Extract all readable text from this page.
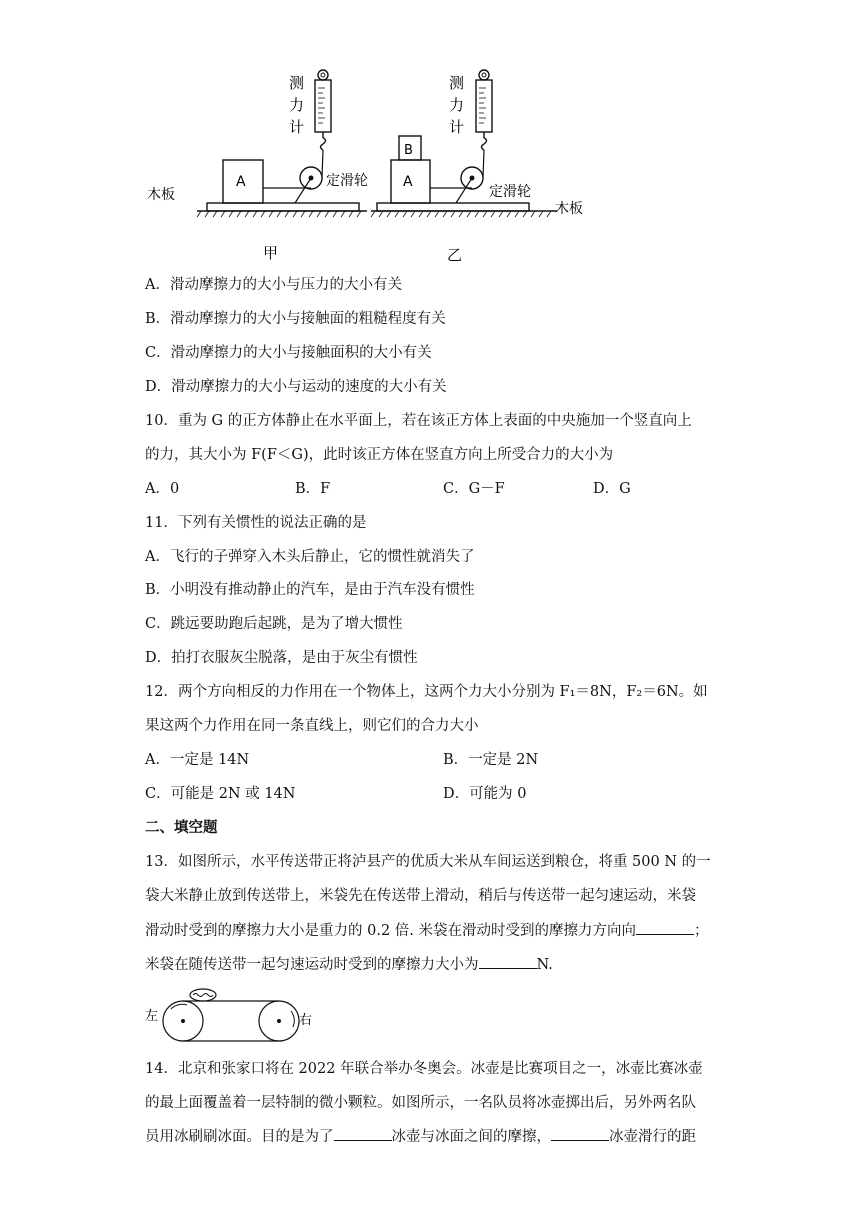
测
力
计
A	定滑轮
木板
甲
测
力
计
B
A
定滑轮
木板
乙
A．滑动摩擦力的大小与压力的大小有关
B．滑动摩擦力的大小与接触面的粗糙程度有关
C．滑动摩擦力的大小与接触面积的大小有关
D．滑动摩擦力的大小与运动的速度的大小有关
10．重为 G 的正方体静止在水平面上，若在该正方体上表面的中央施加一个竖直向上
的力，其大小为 F(F＜G)，此时该正方体在竖直方向上所受合力的大小为
A．0	B．F	C．G－F	D．G
11．下列有关惯性的说法正确的是
A．飞行的子弹穿入木头后静止，它的惯性就消失了
B．小明没有推动静止的汽车，是由于汽车没有惯性
C．跳远要助跑后起跳，是为了增大惯性
D．拍打衣服灰尘脱落，是由于灰尘有惯性
12．两个方向相反的力作用在一个物体上，这两个力大小分别为 F₁＝8N，F₂＝6N。如
果这两个力作用在同一条直线上，则它们的合力大小
A．一定是 14N	B．一定是 2N
C．可能是 2N 或 14N	D．可能为 0
二、填空题
13．如图所示，水平传送带正将泸县产的优质大米从车间运送到粮仓，将重 500 N 的一
袋大米静止放到传送带上，米袋先在传送带上滑动，稍后与传送带一起匀速运动，米袋
滑动时受到的摩擦力大小是重力的 0.2 倍. 米袋在滑动时受到的摩擦力方向向	；
米袋在随传送带一起匀速运动时受到的摩擦力大小为	N.
左	右
14．北京和张家口将在 2022 年联合举办冬奥会。冰壶是比赛项目之一，冰壶比赛冰壶
的最上面覆盖着一层特制的微小颗粒。如图所示，一名队员将冰壶掷出后，另外两名队
员用冰刷刷冰面。目的是为了	冰壶与冰面之间的摩擦，	冰壶滑行的距
